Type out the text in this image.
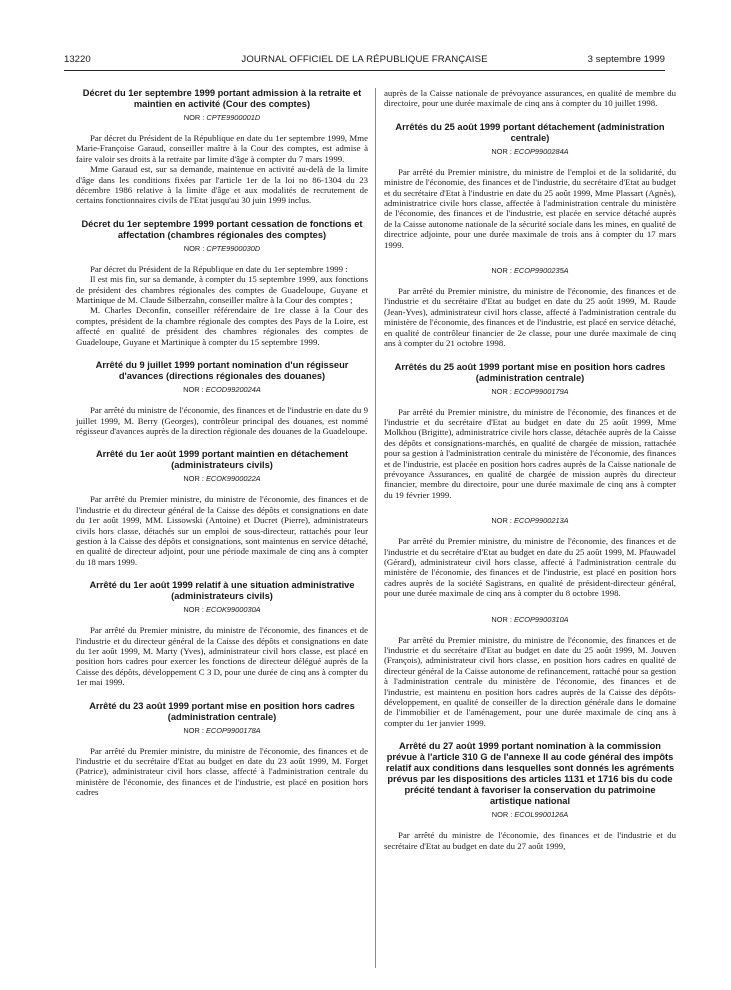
13220	JOURNAL OFFICIEL DE LA RÉPUBLIQUE FRANÇAISE	3 septembre 1999

Décret du 1er septembre 1999 portant admission à la retraite et maintien en activité (Cour des comptes)

NOR : CPTE9900001D

Par décret du Président de la République en date du 1er septembre 1999, Mme Marie-Françoise Garaud, conseiller maître à la Cour des comptes, est admise à faire valoir ses droits à la retraite par limite d'âge à compter du 7 mars 1999.

Mme Garaud est, sur sa demande, maintenue en activité au-delà de la limite d'âge dans les conditions fixées par l'article 1er de la loi no 86-1304 du 23 décembre 1986 relative à la limite d'âge et aux modalités de recrutement de certains fonctionnaires civils de l'Etat jusqu'au 30 juin 1999 inclus.

Décret du 1er septembre 1999 portant cessation de fonctions et affectation (chambres régionales des comptes)

NOR : CPTE9900030D

Par décret du Président de la République en date du 1er septembre 1999 :

Il est mis fin, sur sa demande, à compter du 15 septembre 1999, aux fonctions de président des chambres régionales des comptes de Guadeloupe, Guyane et Martinique de M. Claude Silberzahn, conseiller maître à la Cour des comptes ;

M. Charles Deconfin, conseiller référendaire de 1re classe à la Cour des comptes, président de la chambre régionale des comptes des Pays de la Loire, est affecté en qualité de président des chambres régionales des comptes de Guadeloupe, Guyane et Martinique à compter du 15 septembre 1999.

Arrêté du 9 juillet 1999 portant nomination d'un régisseur d'avances (directions régionales des douanes)

NOR : ECOD9920024A

Par arrêté du ministre de l'économie, des finances et de l'industrie en date du 9 juillet 1999, M. Berry (Georges), contrôleur principal des douanes, est nommé régisseur d'avances auprès de la direction régionale des douanes de la Guadeloupe.

Arrêté du 1er août 1999 portant maintien en détachement (administrateurs civils)

NOR : ECOK9900022A

Par arrêté du Premier ministre, du ministre de l'économie, des finances et de l'industrie et du directeur général de la Caisse des dépôts et consignations en date du 1er août 1999, MM. Lissowski (Antoine) et Ducret (Pierre), administrateurs civils hors classe, détachés sur un emploi de sous-directeur, rattachés pour leur gestion à la Caisse des dépôts et consignations, sont maintenus en service détaché, en qualité de directeur adjoint, pour une période maximale de cinq ans à compter du 18 mars 1999.

Arrêté du 1er août 1999 relatif à une situation administrative (administrateurs civils)

NOR : ECOK9900030A

Par arrêté du Premier ministre, du ministre de l'économie, des finances et de l'industrie et du directeur général de la Caisse des dépôts et consignations en date du 1er août 1999, M. Marty (Yves), administrateur civil hors classe, est placé en position hors cadres pour exercer les fonctions de directeur délégué auprès de la Caisse des dépôts, développement C 3 D, pour une durée de cinq ans à compter du 1er mai 1999.

Arrêté du 23 août 1999 portant mise en position hors cadres (administration centrale)

NOR : ECOP9900178A

Par arrêté du Premier ministre, du ministre de l'économie, des finances et de l'industrie et du secrétaire d'Etat au budget en date du 23 août 1999, M. Forget (Patrice), administrateur civil hors classe, affecté à l'administration centrale du ministère de l'économie, des finances et de l'industrie, est placé en position hors cadres

auprès de la Caisse nationale de prévoyance assurances, en qualité de membre du directoire, pour une durée maximale de cinq ans à compter du 10 juillet 1998.

Arrêtés du 25 août 1999 portant détachement (administration centrale)

NOR : ECOP9900284A

Par arrêté du Premier ministre, du ministre de l'emploi et de la solidarité, du ministre de l'économie, des finances et de l'industrie, du secrétaire d'Etat au budget et du secrétaire d'Etat à l'industrie en date du 25 août 1999, Mme Plassart (Agnès), administratrice civile hors classe, affectée à l'administration centrale du ministère de l'économie, des finances et de l'industrie, est placée en service détaché auprès de la Caisse autonome nationale de la sécurité sociale dans les mines, en qualité de directrice adjointe, pour une durée maximale de trois ans à compter du 17 mars 1999.

NOR : ECOP9900235A

Par arrêté du Premier ministre, du ministre de l'économie, des finances et de l'industrie et du secrétaire d'Etat au budget en date du 25 août 1999, M. Raude (Jean-Yves), administrateur civil hors classe, affecté à l'administration centrale du ministère de l'économie, des finances et de l'industrie, est placé en service détaché, en qualité de contrôleur financier de 2e classe, pour une durée maximale de cinq ans à compter du 21 octobre 1998.

Arrêtés du 25 août 1999 portant mise en position hors cadres (administration centrale)

NOR : ECOP9900179A

Par arrêté du Premier ministre, du ministre de l'économie, des finances et de l'industrie et du secrétaire d'Etat au budget en date du 25 août 1999, Mme Molkhou (Brigitte), administratrice civile hors classe, détachée auprès de la Caisse des dépôts et consignations-marchés, en qualité de chargée de mission, rattachée pour sa gestion à l'administration centrale du ministère de l'économie, des finances et de l'industrie, est placée en position hors cadres auprès de la Caisse nationale de prévoyance Assurances, en qualité de chargée de mission auprès du directeur financier, membre du directoire, pour une durée maximale de cinq ans à compter du 19 février 1999.

NOR : ECOP9900213A

Par arrêté du Premier ministre, du ministre de l'économie, des finances et de l'industrie et du secrétaire d'Etat au budget en date du 25 août 1999, M. Pfauwadel (Gérard), administrateur civil hors classe, affecté à l'administration centrale du ministère de l'économie, des finances et de l'industrie, est placé en position hors cadres auprès de la société Sagistrans, en qualité de président-directeur général, pour une durée maximale de cinq ans à compter du 8 octobre 1998.

NOR : ECOP9900310A

Par arrêté du Premier ministre, du ministre de l'économie, des finances et de l'industrie et du secrétaire d'Etat au budget en date du 25 août 1999, M. Jouven (François), administrateur civil hors classe, en position hors cadres en qualité de directeur général de la Caisse autonome de refinancement, rattaché pour sa gestion à l'administration centrale du ministère de l'économie, des finances et de l'industrie, est maintenu en position hors cadres auprès de la Caisse des dépôts-développement, en qualité de conseiller de la direction générale dans le domaine de l'immobilier et de l'aménagement, pour une durée maximale de cinq ans à compter du 1er janvier 1999.

Arrêté du 27 août 1999 portant nomination à la commission prévue à l'article 310 G de l'annexe II au code général des impôts relatif aux conditions dans lesquelles sont donnés les agréments prévus par les dispositions des articles 1131 et 1716 bis du code précité tendant à favoriser la conservation du patrimoine artistique national

NOR : ECOL9900126A

Par arrêté du ministre de l'économie, des finances et de l'industrie et du secrétaire d'Etat au budget en date du 27 août 1999,
